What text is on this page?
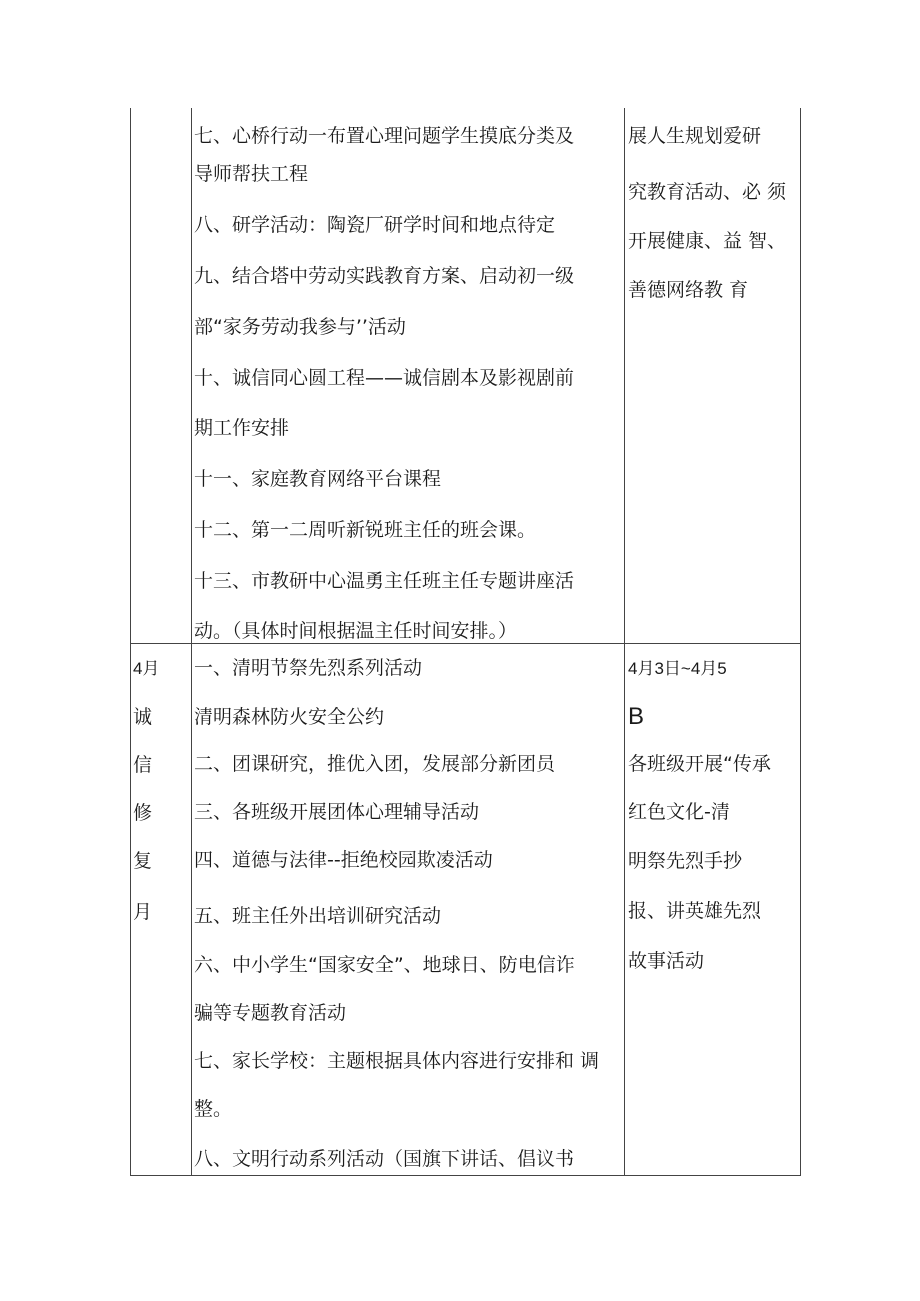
七、心桥行动一布置心理问题学生摸底分类及
导师帮扶工程
八、研学活动：陶瓷厂研学时间和地点待定
九、结合塔中劳动实践教育方案、启动初一级
部“家务劳动我参与’’活动
十、诚信同心圆工程——诚信剧本及影视剧前
期工作安排
十一、家庭教育网络平台课程
十二、第一二周听新锐班主任的班会课。
十三、市教研中心温勇主任班主任专题讲座活
动。（具体时间根据温主任时间安排。）
展人生规划爱研
究教育活动、必 须
开展健康、益 智、
善德网络教 育
4月
诚
信
修
复
月
一、清明节祭先烈系列活动
清明森林防火安全公约
二、团课研究，推优入团，发展部分新团员
三、各班级开展团体心理辅导活动
四、道德与法律--拒绝校园欺凌活动
五、班主任外出培训研究活动
六、中小学生“国家安全”、地球日、防电信诈
骗等专题教育活动
七、家长学校：主题根据具体内容进行安排和 调
整。
八、文明行动系列活动（国旗下讲话、倡议书
4月3日~4月5
B
各班级开展“传承
红色文化-清
明祭先烈手抄
报、讲英雄先烈
故事活动
